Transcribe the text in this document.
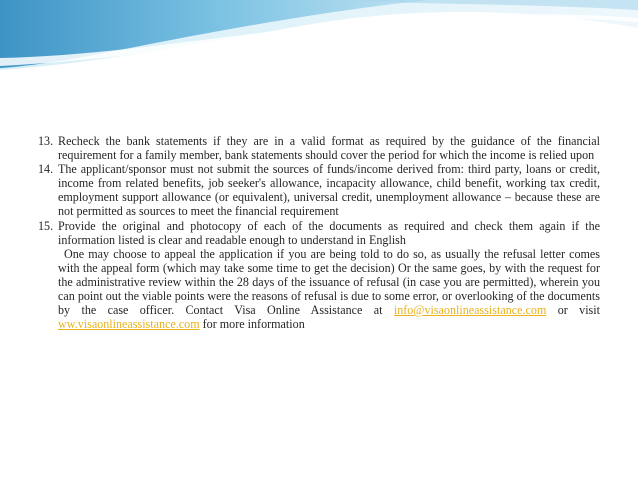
13. Recheck the bank statements if they are in a valid format as required by the guidance of the financial requirement for a family member, bank statements should cover the period for which the income is relied upon
14. The applicant/sponsor must not submit the sources of funds/income derived from: third party, loans or credit, income from related benefits, job seeker's allowance, incapacity allowance, child benefit, working tax credit, employment support allowance (or equivalent), universal credit, unemployment allowance – because these are not permitted as sources to meet the financial requirement
15. Provide the original and photocopy of each of the documents as required and check them again if the information listed is clear and readable enough to understand in English
One may choose to appeal the application if you are being told to do so, as usually the refusal letter comes with the appeal form (which may take some time to get the decision) Or the same goes, by with the request for the administrative review within the 28 days of the issuance of refusal (in case you are permitted), wherein you can point out the viable points were the reasons of refusal is due to some error, or overlooking of the documents by the case officer. Contact Visa Online Assistance at info@visaonlineassistance.com or visit ww.visaonlineassistance.com for more information
